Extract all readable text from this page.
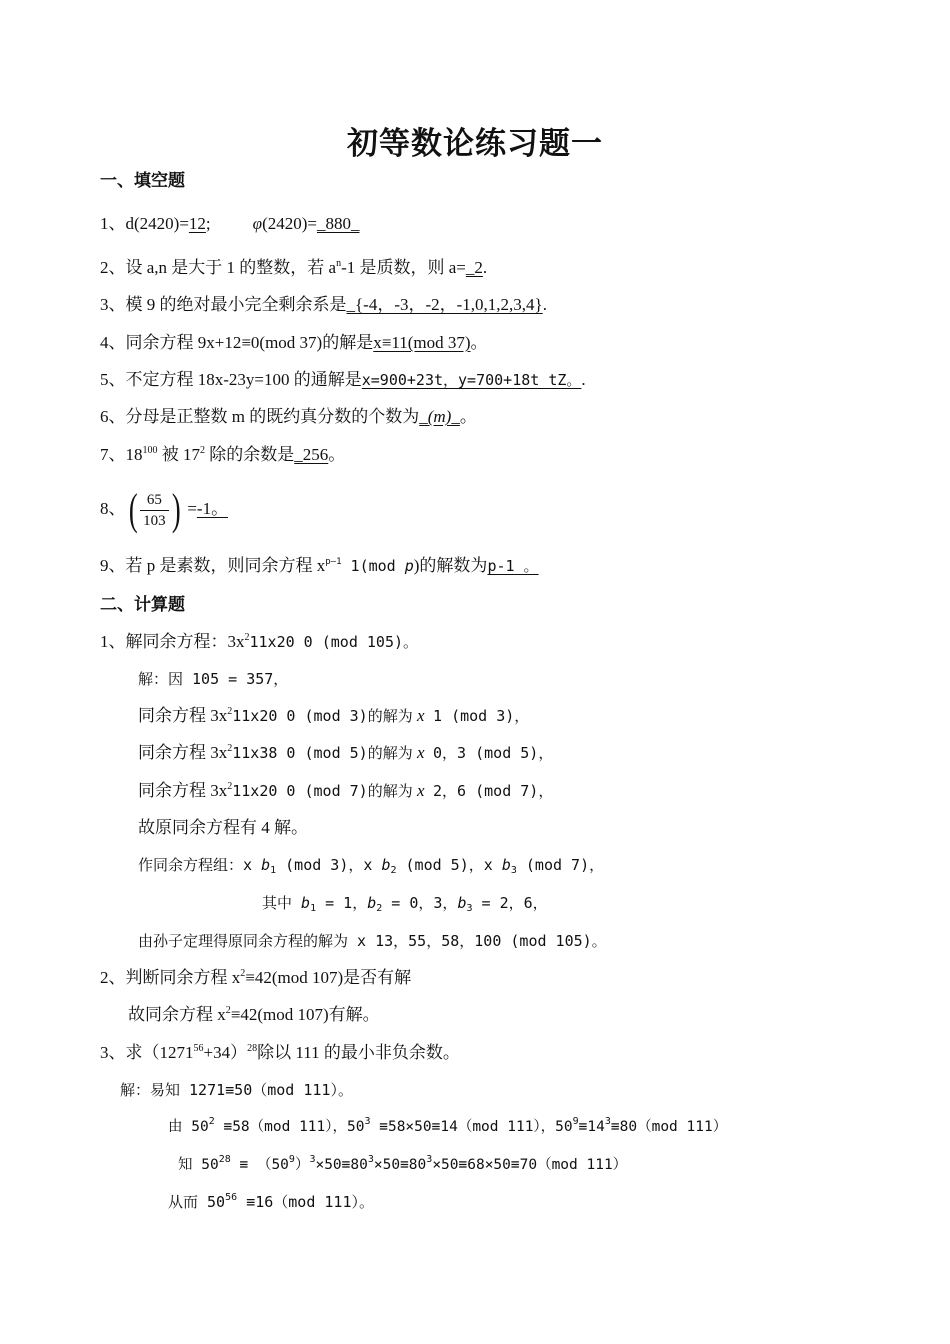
初等数论练习题一
一、填空题
1、d(2420)=12; φ(2420)=_880_
2、设 a,n 是大于 1 的整数，若 $a^n-1$ 是质数，则 a=_2.
3、模 9 的绝对最小完全剩余系是_{-4，-3，-2，-1,0,1,2,3,4}.
4、同余方程 9x+12≡0(mod 37)的解是x≡11(mod 37)。
5、不定方程 18x-23y=100 的通解是x=900+23t，y=700+18t tZ。.
6、分母是正整数 m 的既约真分数的个数为_(m)_。
7、$18^{100}$ 被 $17^2$ 除的余数是_256。
8、( $\frac{65}{103}$ ) =-1。
9、若 p 是素数，则同余方程 $x^{p-1}$ 1(mod p)的解数为p-1 。
二、计算题
1、解同余方程：$3x^211x20$ 0 (mod 105)。
解：因 105 = 357，
同余方程 $3x^211x20$ 0 (mod 3)的解为 x 1 (mod 3)，
同余方程 $3x^211x38$ 0 (mod 5)的解为 x 0，3 (mod 5)，
同余方程 $3x^211x20$ 0 (mod 7)的解为 x 2，6 (mod 7)，
故原同余方程有 4 解。
作同余方程组：x $b_1$ (mod 3)，x $b_2$ (mod 5)，x $b_3$ (mod 7)，
其中 $b_1 = 1$，$b_2 = 0$，3，$b_3 = 2$，6，
由孙子定理得原同余方程的解为 x 13，55，58，100 (mod 105)。
2、判断同余方程 $x^2\equiv 42(mod$ 107)是否有解
故同余方程 $x^2\equiv 42(mod$ 107)有解。
3、求$(1271^{56}+34)^{28}$除以 111 的最小非负余数。
解：易知 1271≡50（mod 111）。
由 $50^2 \equiv 58(mod$ 111），$50^3 \equiv 58\times 50\equiv 14(mod$ 111），$50^9\equiv 14^3\equiv 80(mod$ 111）
知 $50^{28} \equiv (50^9)^3\times 50\equiv 80^3\times 50\equiv 80^3\times 50\equiv 68\times 50\equiv 70(mod$ 111）
从而 $50^{56} \equiv 16(mod$ 111）。
